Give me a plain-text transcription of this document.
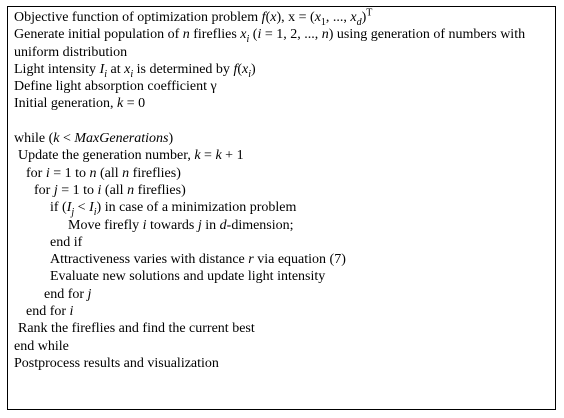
Objective function of optimization problem f(x), $x = (x_1$, ..., $x_d)^T$
Generate initial population of n fireflies $x_i$ (i = 1, 2, ..., n) using generation of numbers with uniform distribution
Light intensity $I_i$ at $x_i$ is determined by $f(x_i)$
Define light absorption coefficient γ
Initial generation, k = 0
while (k < MaxGenerations)
Update the generation number, k = k + 1
for i = 1 to n (all n fireflies)
for j = 1 to i (all n fireflies)
if $(I_j < I_i)$ in case of a minimization problem
Move firefly i towards j in d-dimension;
end if
Attractiveness varies with distance r via equation (7)
Evaluate new solutions and update light intensity
end for j
end for i
Rank the fireflies and find the current best
end while
Postprocess results and visualization
